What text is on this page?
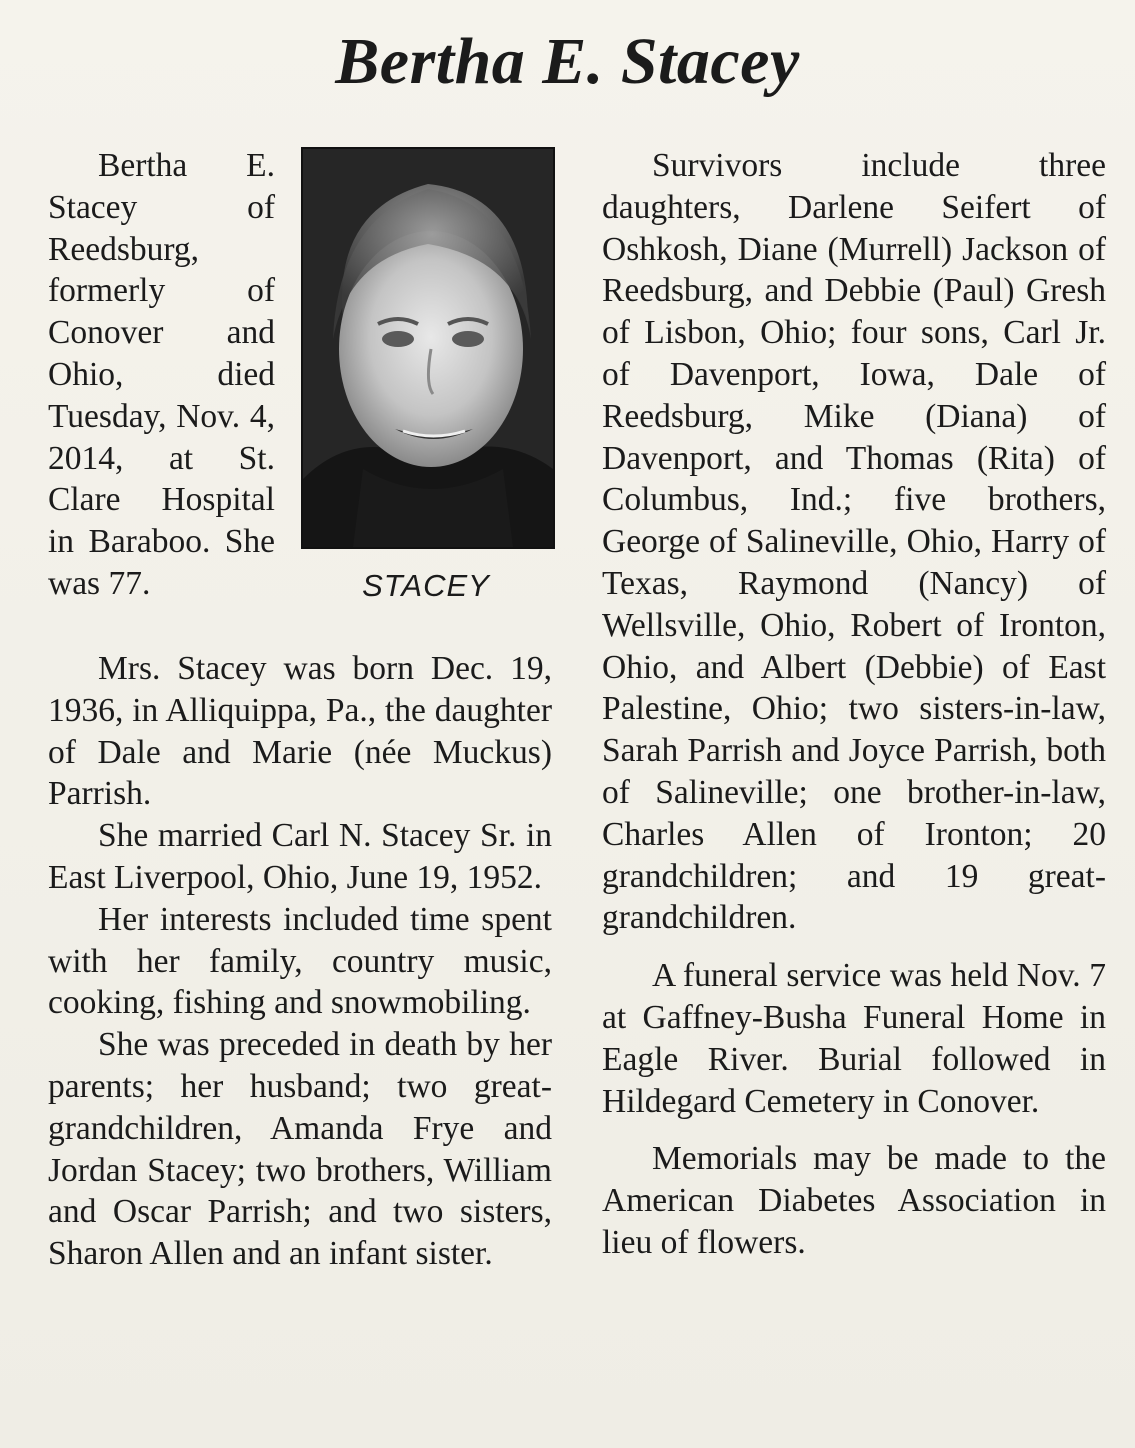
Bertha E. Stacey

Bertha E. Stacey of Reedsburg, formerly of Conover and Ohio, died Tuesday, Nov. 4, 2014, at St. Clare Hospital in Baraboo. She was 77.	STACEY

Mrs. Stacey was born Dec. 19, 1936, in Alliquippa, Pa., the daughter of Dale and Marie (née Muckus) Parrish.

She married Carl N. Stacey Sr. in East Liverpool, Ohio, June 19, 1952.

Her interests included time spent with her family, country music, cooking, fishing and snowmobiling.

She was preceded in death by her parents; her husband; two great-grandchildren, Amanda Frye and Jordan Stacey; two brothers, William and Oscar Parrish; and two sisters, Sharon Allen and an infant sister.

Survivors include three daughters, Darlene Seifert of Oshkosh, Diane (Murrell) Jackson of Reedsburg, and Debbie (Paul) Gresh of Lisbon, Ohio; four sons, Carl Jr. of Davenport, Iowa, Dale of Reedsburg, Mike (Diana) of Davenport, and Thomas (Rita) of Columbus, Ind.; five brothers, George of Salineville, Ohio, Harry of Texas, Raymond (Nancy) of Wellsville, Ohio, Robert of Ironton, Ohio, and Albert (Debbie) of East Palestine, Ohio; two sisters-in-law, Sarah Parrish and Joyce Parrish, both of Salineville; one brother-in-law, Charles Allen of Ironton; 20 grandchildren; and 19 great-grandchildren.

A funeral service was held Nov. 7 at Gaffney-Busha Funeral Home in Eagle River. Burial followed in Hildegard Cemetery in Conover.

Memorials may be made to the American Diabetes Association in lieu of flowers.
